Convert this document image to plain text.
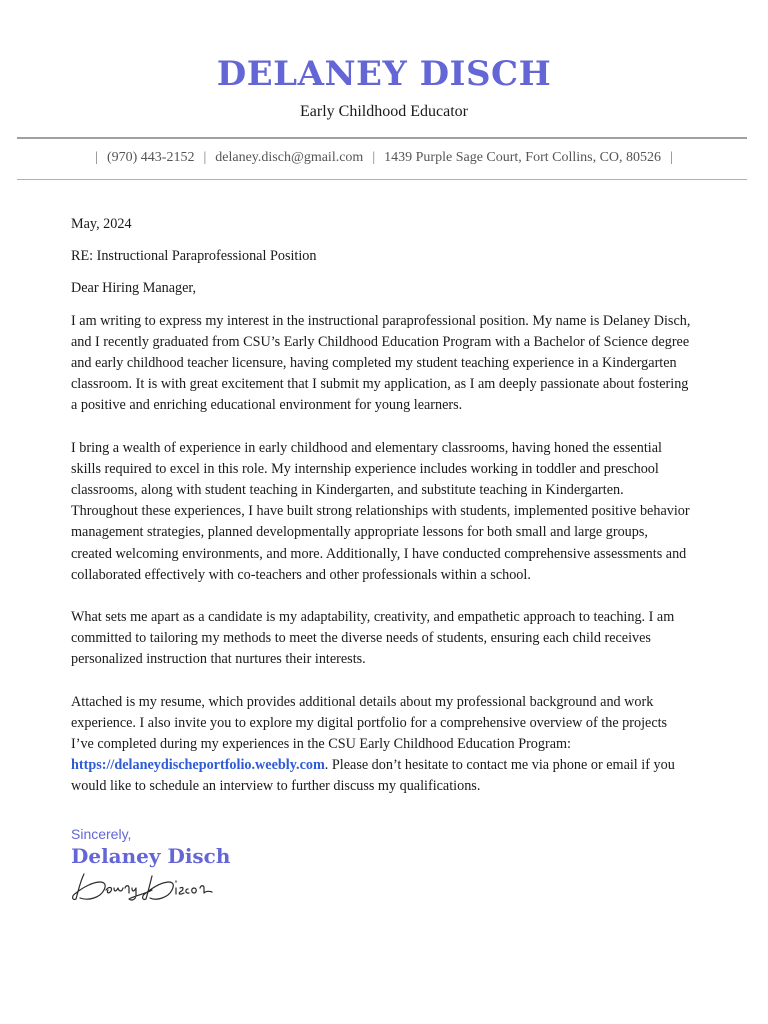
DELANEY DISCH
Early Childhood Educator
| (970) 443-2152 | delaney.disch@gmail.com | 1439 Purple Sage Court, Fort Collins, CO, 80526 |

May, 2024

RE: Instructional Paraprofessional Position

Dear Hiring Manager,

I am writing to express my interest in the instructional paraprofessional position. My name is Delaney Disch, and I recently graduated from CSU’s Early Childhood Education Program with a Bachelor of Science degree and early childhood teacher licensure, having completed my student teaching experience in a Kindergarten classroom. It is with great excitement that I submit my application, as I am deeply passionate about fostering a positive and enriching educational environment for young learners.

I bring a wealth of experience in early childhood and elementary classrooms, having honed the essential skills required to excel in this role. My internship experience includes working in toddler and preschool classrooms, along with student teaching in Kindergarten, and substitute teaching in Kindergarten. Throughout these experiences, I have built strong relationships with students, implemented positive behavior management strategies, planned developmentally appropriate lessons for both small and large groups, created welcoming environments, and more. Additionally, I have conducted comprehensive assessments and collaborated effectively with co-teachers and other professionals within a school.

What sets me apart as a candidate is my adaptability, creativity, and empathetic approach to teaching. I am committed to tailoring my methods to meet the diverse needs of students, ensuring each child receives personalized instruction that nurtures their interests.

Attached is my resume, which provides additional details about my professional background and work experience. I also invite you to explore my digital portfolio for a comprehensive overview of the projects I’ve completed during my experiences in the CSU Early Childhood Education Program: https://delaneydischeportfolio.weebly.com. Please don’t hesitate to contact me via phone or email if you would like to schedule an interview to further discuss my qualifications.

Sincerely,
Delaney Disch
